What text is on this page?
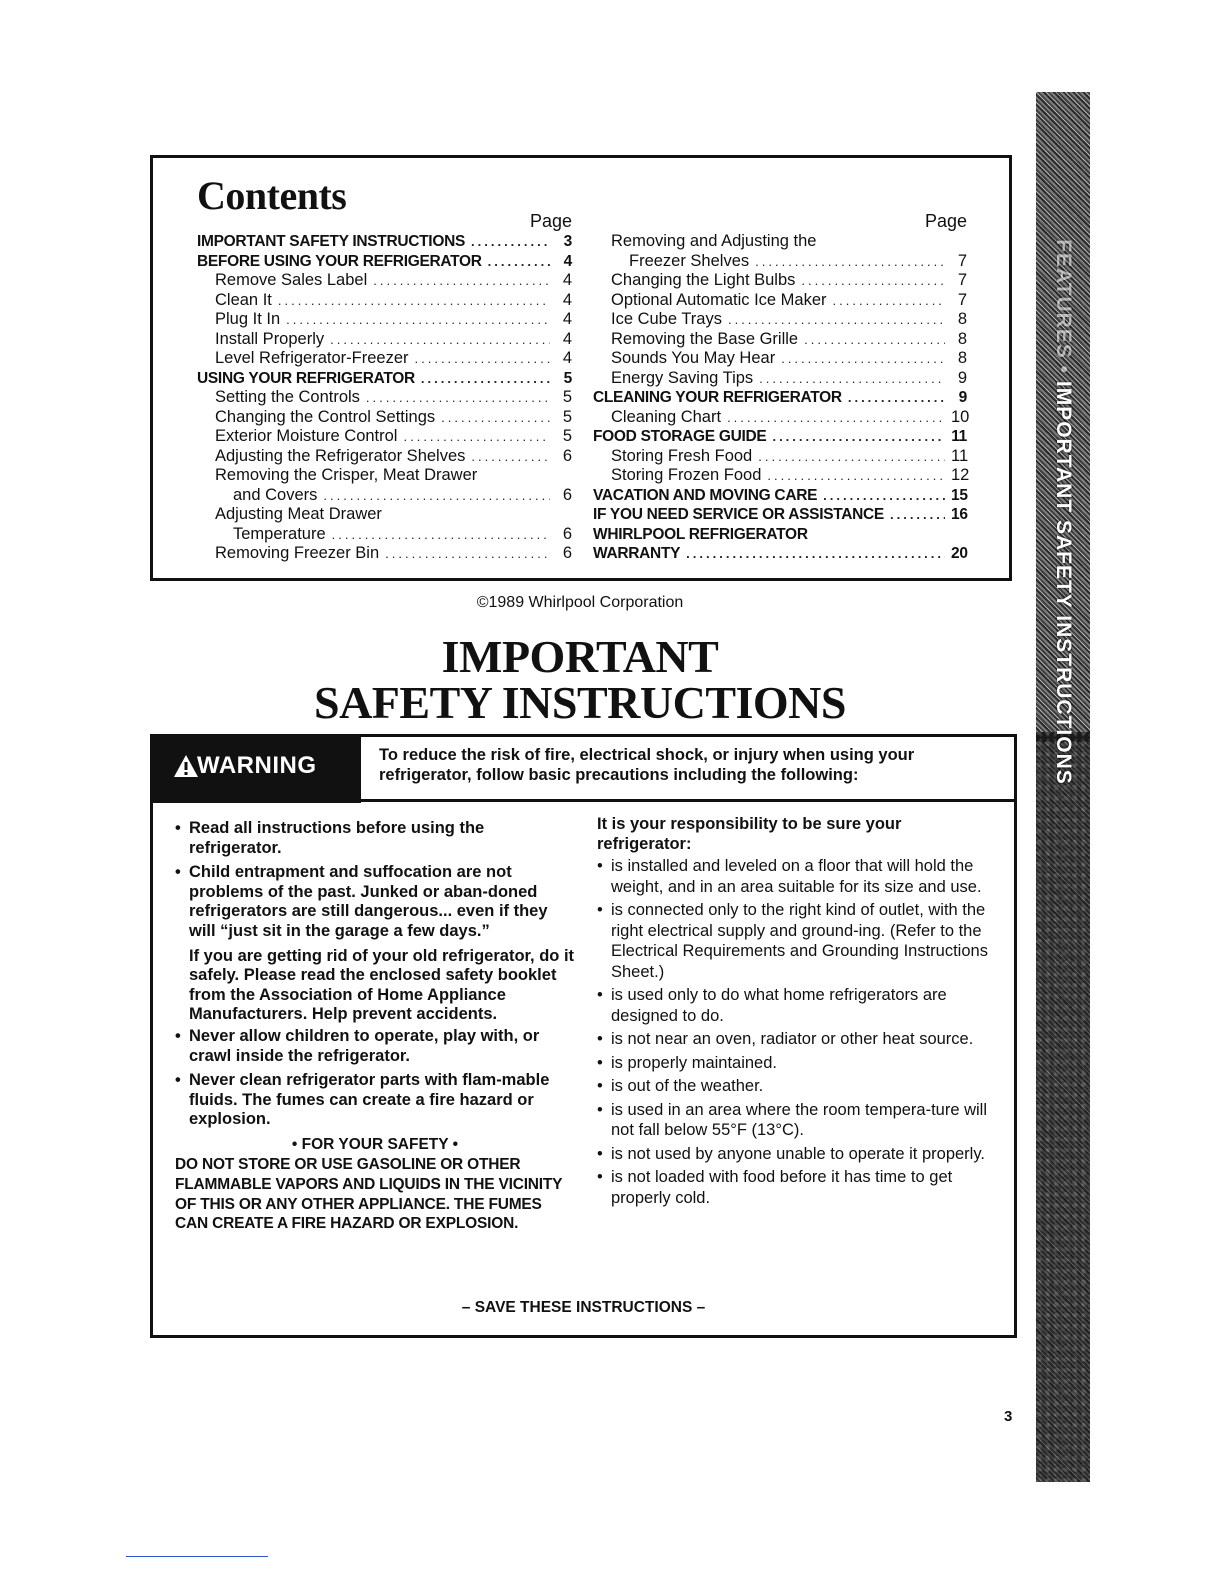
FEATURES • IMPORTANT SAFETY INSTRUCTIONS
Contents
Page
IMPORTANT SAFETY INSTRUCTIONS .....	3
BEFORE USING YOUR REFRIGERATOR .....	4
Remove Sales Label .....	4
Clean It .....	4
Plug It In .....	4
Install Properly .....	4
Level Refrigerator-Freezer .....	4
USING YOUR REFRIGERATOR .....	5
Setting the Controls .....	5
Changing the Control Settings .....	5
Exterior Moisture Control .....	5
Adjusting the Refrigerator Shelves .....	6
Removing the Crisper, Meat Drawer
and Covers .....	6
Adjusting Meat Drawer
Temperature .....	6
Removing Freezer Bin .....	6
Page
Removing and Adjusting the
Freezer Shelves .....	7
Changing the Light Bulbs .....	7
Optional Automatic Ice Maker .....	7
Ice Cube Trays .....	8
Removing the Base Grille .....	8
Sounds You May Hear .....	8
Energy Saving Tips .....	9
CLEANING YOUR REFRIGERATOR .....	9
Cleaning Chart .....	10
FOOD STORAGE GUIDE .....	11
Storing Fresh Food .....	11
Storing Frozen Food .....	12
VACATION AND MOVING CARE .....	15
IF YOU NEED SERVICE OR ASSISTANCE .....	16
WHIRLPOOL REFRIGERATOR
WARRANTY .....	20
©1989 Whirlpool Corporation
IMPORTANT
SAFETY INSTRUCTIONS
WARNING	To reduce the risk of fire, electrical shock, or injury when using your refrigerator, follow basic precautions including the following:
• Read all instructions before using the refrigerator.
• Child entrapment and suffocation are not problems of the past. Junked or aban-doned refrigerators are still dangerous... even if they will “just sit in the garage a few days.”
If you are getting rid of your old refrigerator, do it safely. Please read the enclosed safety booklet from the Association of Home Appliance Manufacturers. Help prevent accidents.
• Never allow children to operate, play with, or crawl inside the refrigerator.
• Never clean refrigerator parts with flam-mable fluids. The fumes can create a fire hazard or explosion.
• FOR YOUR SAFETY •
DO NOT STORE OR USE GASOLINE OR OTHER FLAMMABLE VAPORS AND LIQUIDS IN THE VICINITY OF THIS OR ANY OTHER APPLIANCE. THE FUMES CAN CREATE A FIRE HAZARD OR EXPLOSION.
It is your responsibility to be sure your refrigerator:
• is installed and leveled on a floor that will hold the weight, and in an area suitable for its size and use.
• is connected only to the right kind of outlet, with the right electrical supply and ground-ing. (Refer to the Electrical Requirements and Grounding Instructions Sheet.)
• is used only to do what home refrigerators are designed to do.
• is not near an oven, radiator or other heat source.
• is properly maintained.
• is out of the weather.
• is used in an area where the room tempera-ture will not fall below 55°F (13°C).
• is not used by anyone unable to operate it properly.
• is not loaded with food before it has time to get properly cold.
– SAVE THESE INSTRUCTIONS –
3
